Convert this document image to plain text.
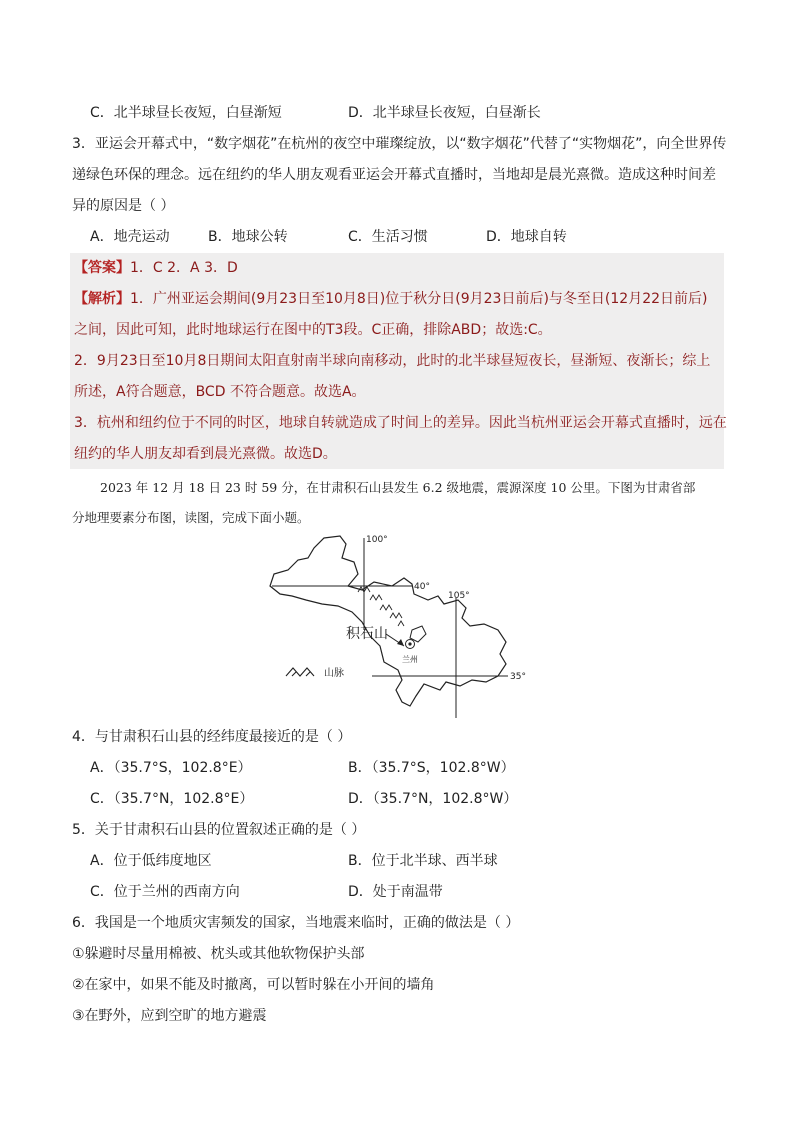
C．北半球昼长夜短，白昼渐短	D．北半球昼长夜短，白昼渐长
3．亚运会开幕式中，“数字烟花”在杭州的夜空中璀璨绽放，以“数字烟花”代替了“实物烟花”，向全世界传
递绿色环保的理念。远在纽约的华人朋友观看亚运会开幕式直播时，当地却是晨光熹微。造成这种时间差
异的原因是（ ）
A．地壳运动	B．地球公转	C．生活习惯	D．地球自转
【答案】1．C 2．A 3．D
【解析】1．广州亚运会期间(9月23日至10月8日)位于秋分日(9月23日前后)与冬至日(12月22日前后)
之间，因此可知，此时地球运行在图中的T3段。C正确，排除ABD；故选:C。
2．9月23日至10月8日期间太阳直射南半球向南移动，此时的北半球昼短夜长，昼渐短、夜渐长；综上
所述，A符合题意，BCD 不符合题意。故选A。
3．杭州和纽约位于不同的时区，地球自转就造成了时间上的差异。因此当杭州亚运会开幕式直播时，远在
纽约的华人朋友却看到晨光熹微。故选D。
2023 年 12 月 18 日 23 时 59 分，在甘肃积石山县发生 6.2 级地震，震源深度 10 公里。下图为甘肃省部
分地理要素分布图，读图，完成下面小题。
100°
40°
105°
35°
积石山
兰州
山脉
4．与甘肃积石山县的经纬度最接近的是（ ）
A．（35.7°S，102.8°E）	B．（35.7°S，102.8°W）
C．（35.7°N，102.8°E）	D．（35.7°N，102.8°W）
5．关于甘肃积石山县的位置叙述正确的是（ ）
A．位于低纬度地区	B．位于北半球、西半球
C．位于兰州的西南方向	D．处于南温带
6．我国是一个地质灾害频发的国家，当地震来临时，正确的做法是（ ）
①躲避时尽量用棉被、枕头或其他软物保护头部
②在家中，如果不能及时撤离，可以暂时躲在小开间的墙角
③在野外，应到空旷的地方避震
